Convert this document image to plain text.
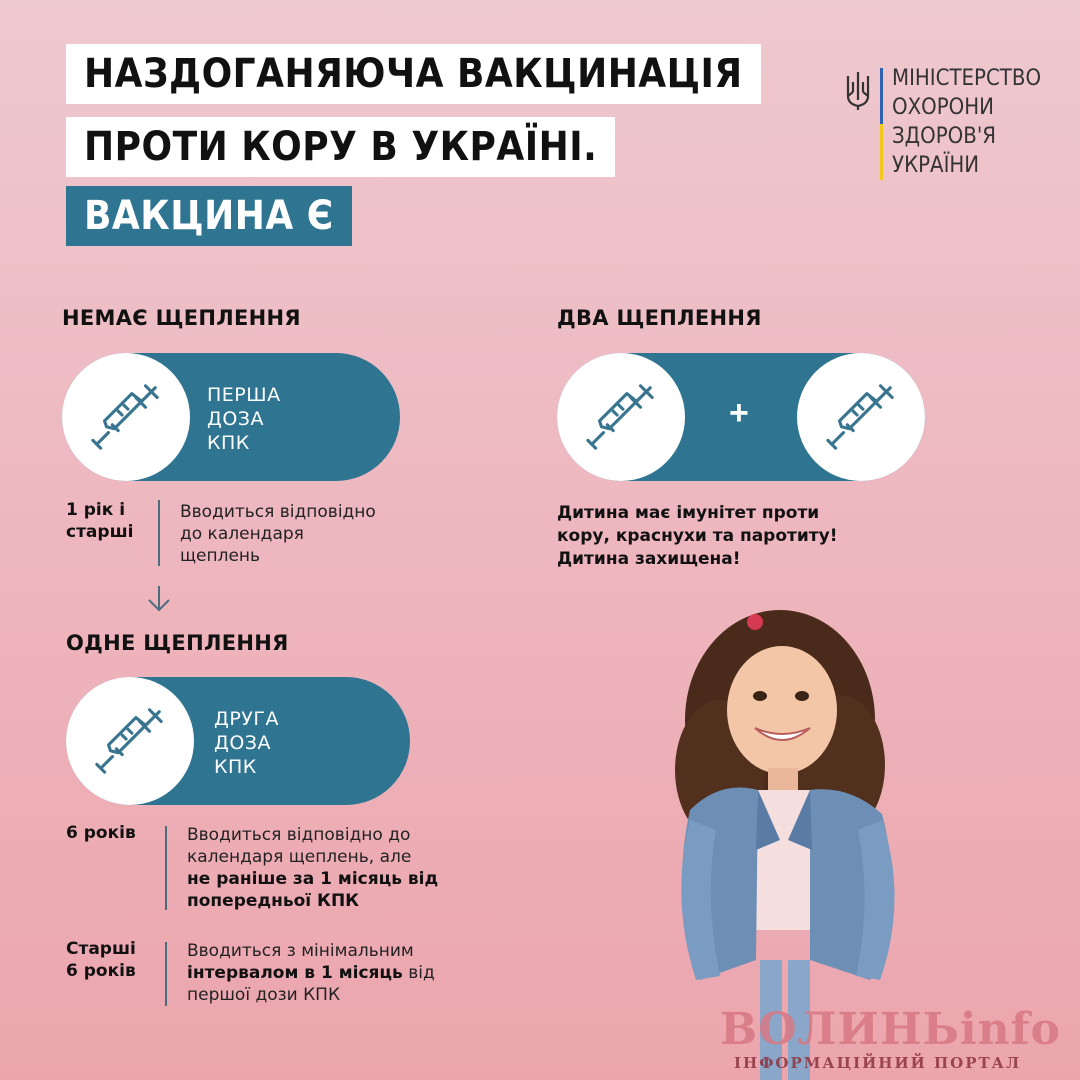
НАЗДОГАНЯЮЧА ВАКЦИНАЦІЯ
ПРОТИ КОРУ В УКРАЇНІ.
ВАКЦИНА Є
МІНІСТЕРСТВО
ОХОРОНИ
ЗДОРОВ'Я
УКРАЇНИ
НЕМАЄ ЩЕПЛЕННЯ
ПЕРША
ДОЗА
КПК
1 рік і
старші
Вводиться відповідно
до календаря
щеплень
ОДНЕ ЩЕПЛЕННЯ
ДРУГА
ДОЗА
КПК
6 років	Вводиться відповідно до
календаря щеплень, але
не раніше за 1 місяць від
попередньої КПК
Старші
6 років
Вводиться з мінімальним
інтервалом в 1 місяць від
першої дози КПК
ДВА ЩЕПЛЕННЯ
+
Дитина має імунітет проти
кору, краснухи та паротиту!
Дитина захищена!
ВОЛИНЬinfo
ІНФОРМАЦІЙНИЙ ПОРТАЛ
